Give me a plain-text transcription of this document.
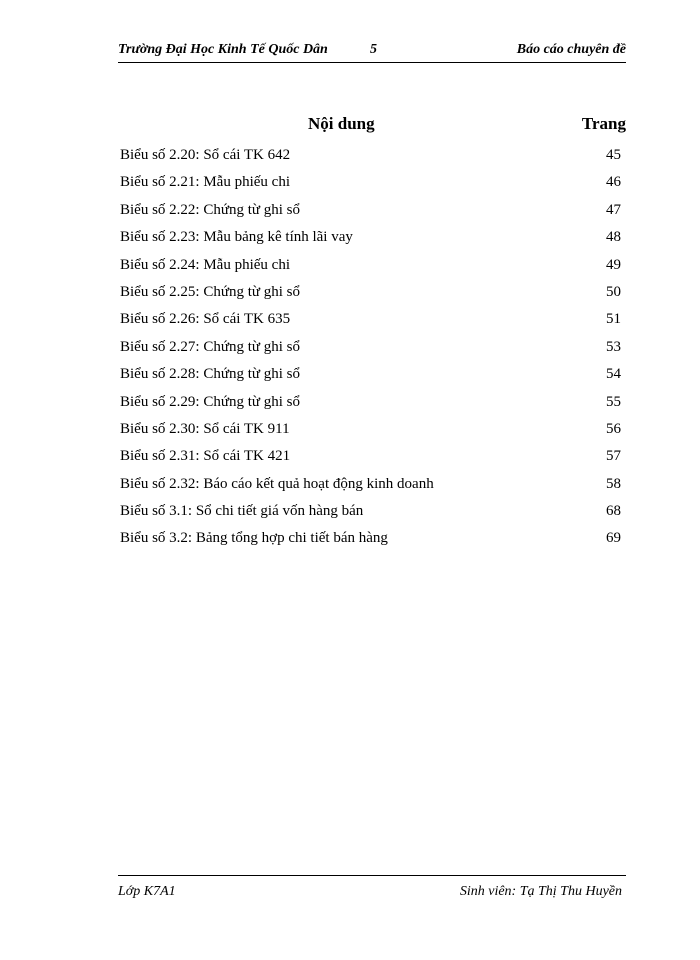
Trường Đại Học Kinh Tế Quốc Dân	5	Báo cáo chuyên đề
Nội dung	Trang
Biểu số 2.20: Sổ cái TK 642	45
Biểu số 2.21: Mẫu phiếu chi	46
Biểu số 2.22: Chứng từ ghi sổ	47
Biểu số 2.23: Mẫu bảng kê tính lãi vay	48
Biểu số 2.24: Mẫu phiếu chi	49
Biểu số 2.25: Chứng từ ghi sổ	50
Biểu số 2.26: Sổ cái TK 635	51
Biểu số 2.27: Chứng từ ghi sổ	53
Biểu số 2.28: Chứng từ ghi sổ	54
Biểu số 2.29: Chứng từ ghi sổ	55
Biểu số 2.30: Sổ cái TK 911	56
Biểu số 2.31: Sổ cái TK 421	57
Biểu số 2.32: Báo cáo kết quả hoạt động kinh doanh	58
Biểu số 3.1: Sổ chi tiết giá vốn hàng bán	68
Biểu số 3.2: Bảng tổng hợp chi tiết bán hàng	69
Lớp K7A1	Sinh viên: Tạ Thị Thu Huyền
